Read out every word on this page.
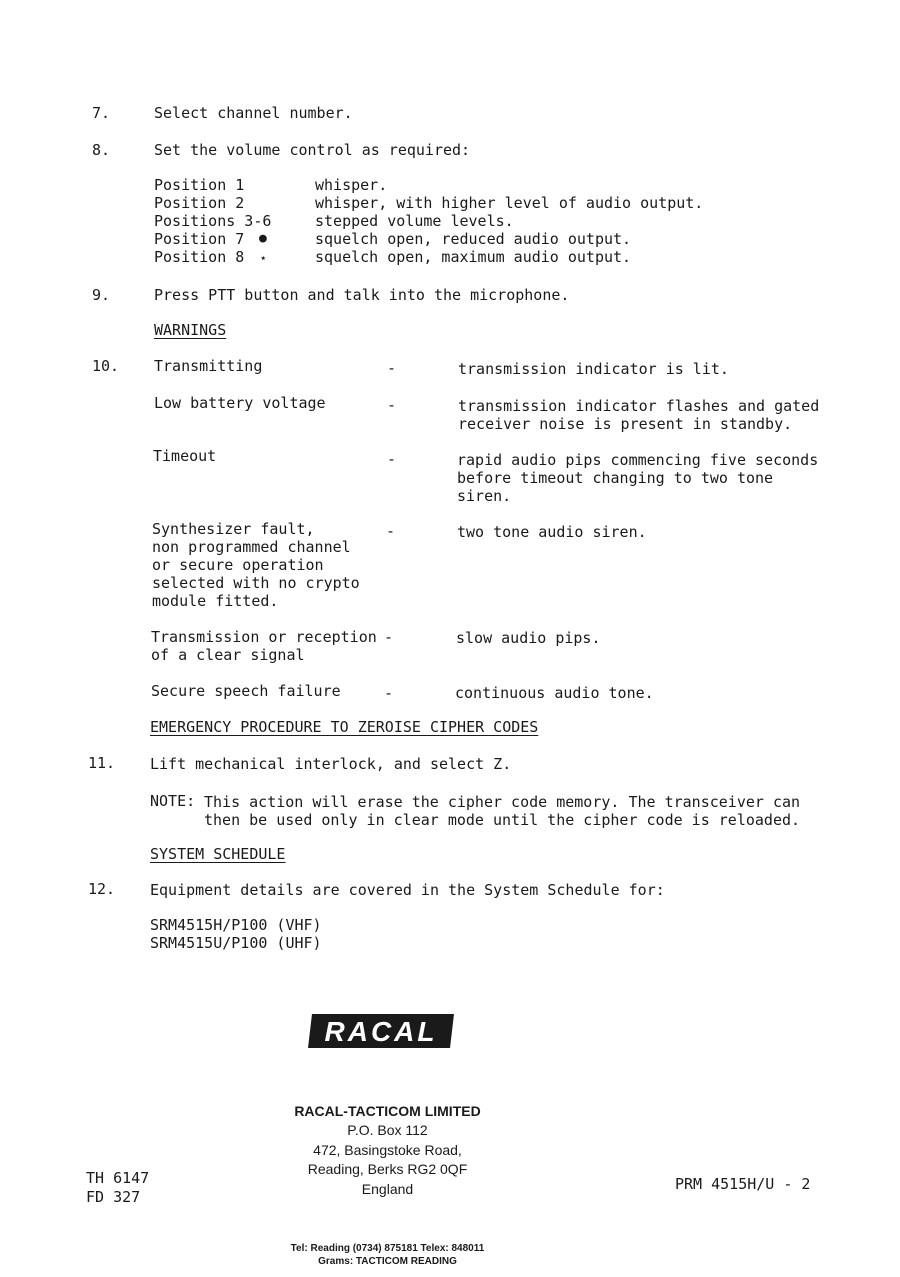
7.	Select channel number.
8.	Set the volume control as required:
Position 1	whisper.
Position 2	whisper, with higher level of audio output.
Positions 3-6	stepped volume levels.
Position 7 ●	squelch open, reduced audio output.
Position 8 ⋆	squelch open, maximum audio output.
9.	Press PTT button and talk into the microphone.
WARNINGS
10. Transmitting	-	transmission indicator is lit.
Low battery voltage	-	transmission indicator flashes and gated
receiver noise is present in standby.
Timeout	-	rapid audio pips commencing five seconds
before timeout changing to two tone
siren.
Synthesizer fault,
non programmed channel
or secure operation
selected with no crypto
module fitted.
-	two tone audio siren.
Transmission or reception
of a clear signal
-	slow audio pips.
Secure speech failure	-	continuous audio tone.
EMERGENCY PROCEDURE TO ZEROISE CIPHER CODES
11. Lift mechanical interlock, and select Z.
NOTE: This action will erase the cipher code memory. The transceiver can
then be used only in clear mode until the cipher code is reloaded.
SYSTEM SCHEDULE
12. Equipment details are covered in the System Schedule for:
SRM4515H/P100 (VHF)
SRM4515U/P100 (UHF)
RACAL
RACAL-TACTICOM LIMITED
P.O. Box 112
472, Basingstoke Road,
Reading, Berks RG2 0QF
England
TH 6147
FD 327
PRM 4515H/U - 2
Tel: Reading (0734) 875181 Telex: 848011
Grams: TACTICOM READING
